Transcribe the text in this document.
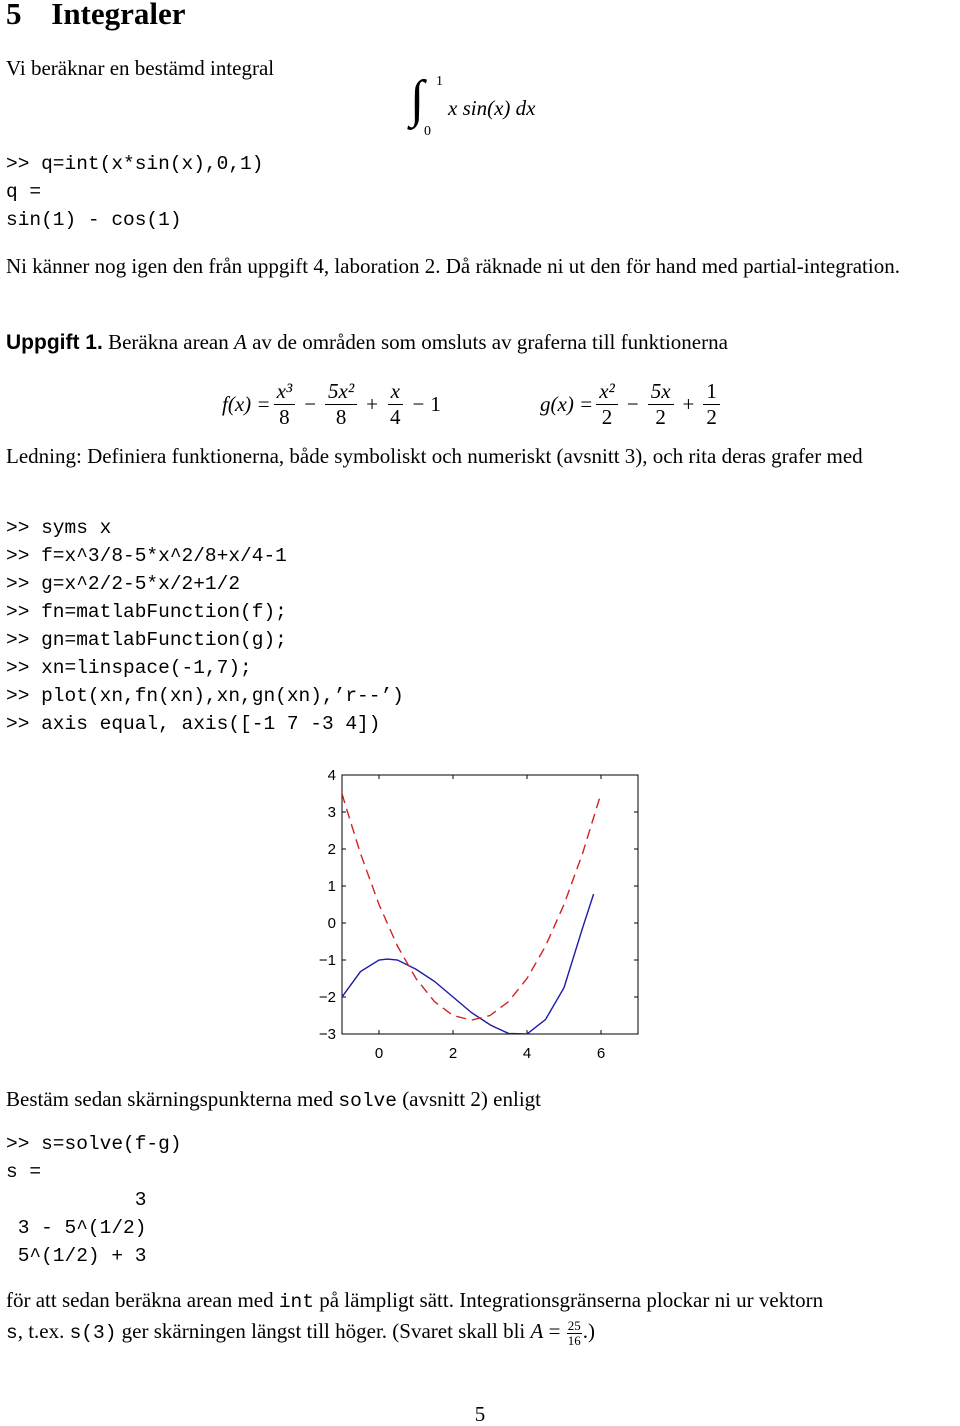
5 Integraler
Vi beräknar en bestämd integral
∫ 1
0
x sin(x) dx
>> q=int(x*sin(x),0,1)
q =
sin(1) - cos(1)

Ni känner nog igen den från uppgift 4, laboration 2. Då räknade ni ut den för hand med partial-integration.

Uppgift 1. Beräkna arean A av de områden som omsluts av graferna till funktionerna

$f(x) = \frac{\text{x³}}{8} - \frac{\text{5x²}}{8} + \frac{x}{4} - 1$	$g(x) = \frac{\text{x²}}{2} - \frac{5x}{2} + \frac{1}{2}$

Ledning: Definiera funktionerna, både symboliskt och numeriskt (avsnitt 3), och rita deras grafer med

>> syms x
>> f=x^3/8-5*x^2/8+x/4-1
>> g=x^2/2-5*x/2+1/2
>> fn=matlabFunction(f);
>> gn=matlabFunction(g);
>> xn=linspace(-1,7);
>> plot(xn,fn(xn),xn,gn(xn),’r--’)
>> axis equal, axis([-1 7 -3 4])
0	2	4	6
4
3
2
1
0
−1
−2
−3

Bestäm sedan skärningspunkterna med solve (avsnitt 2) enligt

>> s=solve(f-g)
s =
3
3 - 5^(1/2)
5^(1/2) + 3

för att sedan beräkna arean med int på lämpligt sätt. Integrationsgränserna plockar ni ur vektorn
s, t.ex. s(3) ger skärningen längst till höger. (Svaret skall bli $A = \frac{25}{16}$ .)

5
